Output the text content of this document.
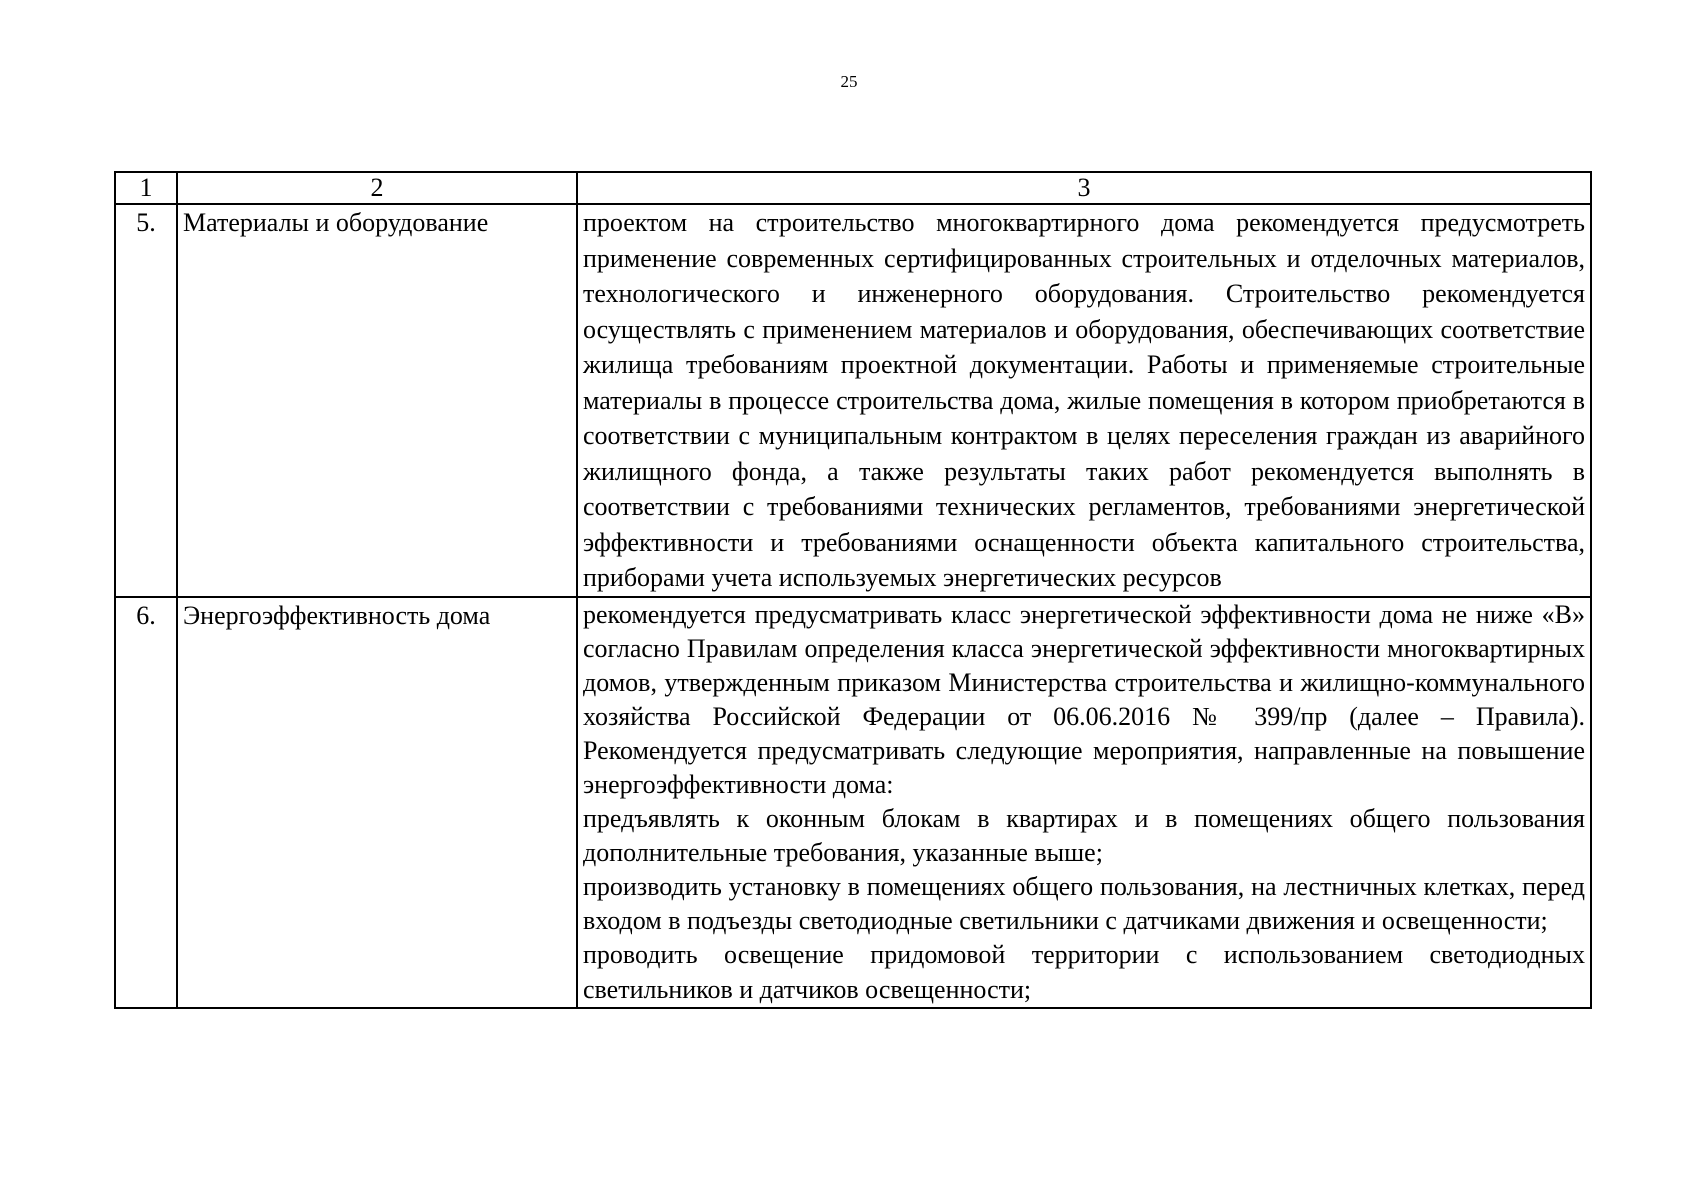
25
1	2	3
5.	Материалы и оборудование	проектом на строительство многоквартирного дома рекомендуется предусмотреть применение современных сертифицированных строительных и отделочных материалов, технологического и инженерного оборудования. Строительство рекомендуется осуществлять с применением материалов и оборудования, обеспечивающих соответствие жилища требованиям проектной документации. Работы и применяемые строительные материалы в процессе строительства дома, жилые помещения в котором приобретаются в соответствии с муниципальным контрактом в целях переселения граждан из аварийного жилищного фонда, а также результаты таких работ рекомендуется выполнять в соответствии с требованиями технических регламентов, требованиями энергетической эффективности и требованиями оснащенности объекта капитального строительства, приборами учета используемых энергетических ресурсов

6.	Энергоэффективность дома	рекомендуется предусматривать класс энергетической эффективности дома не ниже «В» согласно Правилам определения класса энергетической эффективности многоквартирных домов, утвержденным приказом Министерства строительства и жилищно-коммунального хозяйства Российской Федерации от 06.06.2016 № 399/пр (далее – Правила). Рекомендуется предусматривать следующие мероприятия, направленные на повышение энергоэффективности дома:

предъявлять к оконным блокам в квартирах и в помещениях общего пользования дополнительные требования, указанные выше;

производить установку в помещениях общего пользования, на лестничных клетках, перед входом в подъезды светодиодные светильники с датчиками движения и освещенности;

проводить освещение придомовой территории с использованием светодиодных светильников и датчиков освещенности;
